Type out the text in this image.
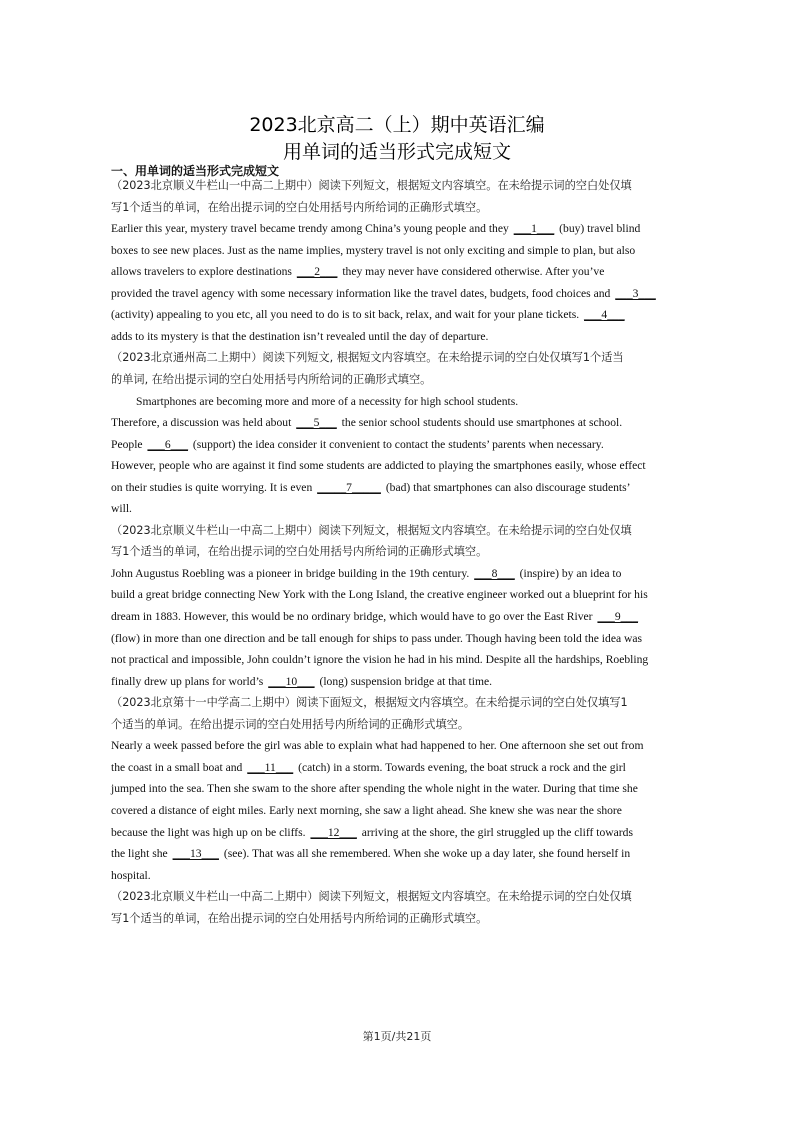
2023北京高二（上）期中英语汇编
用单词的适当形式完成短文
一、用单词的适当形式完成短文
（2023北京顺义牛栏山一中高二上期中）阅读下列短文，根据短文内容填空。在未给提示词的空白处仅填
写1个适当的单词，在给出提示词的空白处用括号内所给词的正确形式填空。
Earlier this year, mystery travel became trendy among China’s young people and they ___1___ (buy) travel blind
boxes to see new places. Just as the name implies, mystery travel is not only exciting and simple to plan, but also
allows travelers to explore destinations ___2___ they may never have considered otherwise. After you’ve
provided the travel agency with some necessary information like the travel dates, budgets, food choices and ___3___
(activity) appealing to you etc, all you need to do is to sit back, relax, and wait for your plane tickets. ___4___
adds to its mystery is that the destination isn’t revealed until the day of departure.
（2023北京通州高二上期中）阅读下列短文, 根据短文内容填空。在未给提示词的空白处仅填写1个适当
的单词, 在给出提示词的空白处用括号内所给词的正确形式填空。
Smartphones are becoming more and more of a necessity for high school students.
Therefore, a discussion was held about ___5___ the senior school students should use smartphones at school.
People ___6___ (support) the idea consider it convenient to contact the students’ parents when necessary.
However, people who are against it find some students are addicted to playing the smartphones easily, whose effect
on their studies is quite worrying. It is even _____7_____ (bad) that smartphones can also discourage students’
will.
（2023北京顺义牛栏山一中高二上期中）阅读下列短文，根据短文内容填空。在未给提示词的空白处仅填
写1个适当的单词，在给出提示词的空白处用括号内所给词的正确形式填空。
John Augustus Roebling was a pioneer in bridge building in the 19th century. ___8___ (inspire) by an idea to
build a great bridge connecting New York with the Long Island, the creative engineer worked out a blueprint for his
dream in 1883. However, this would be no ordinary bridge, which would have to go over the East River ___9___
(flow) in more than one direction and be tall enough for ships to pass under. Though having been told the idea was
not practical and impossible, John couldn’t ignore the vision he had in his mind. Despite all the hardships, Roebling
finally drew up plans for world’s ___10___ (long) suspension bridge at that time.
（2023北京第十一中学高二上期中）阅读下面短文，根据短文内容填空。在未给提示词的空白处仅填写1
个适当的单词。在给出提示词的空白处用括号内所给词的正确形式填空。
Nearly a week passed before the girl was able to explain what had happened to her. One afternoon she set out from
the coast in a small boat and ___11___ (catch) in a storm. Towards evening, the boat struck a rock and the girl
jumped into the sea. Then she swam to the shore after spending the whole night in the water. During that time she
covered a distance of eight miles. Early next morning, she saw a light ahead. She knew she was near the shore
because the light was high up on be cliffs. ___12___ arriving at the shore, the girl struggled up the cliff towards
the light she ___13___ (see). That was all she remembered. When she woke up a day later, she found herself in
hospital.
（2023北京顺义牛栏山一中高二上期中）阅读下列短文，根据短文内容填空。在未给提示词的空白处仅填
写1个适当的单词，在给出提示词的空白处用括号内所给词的正确形式填空。
第1页/共21页
